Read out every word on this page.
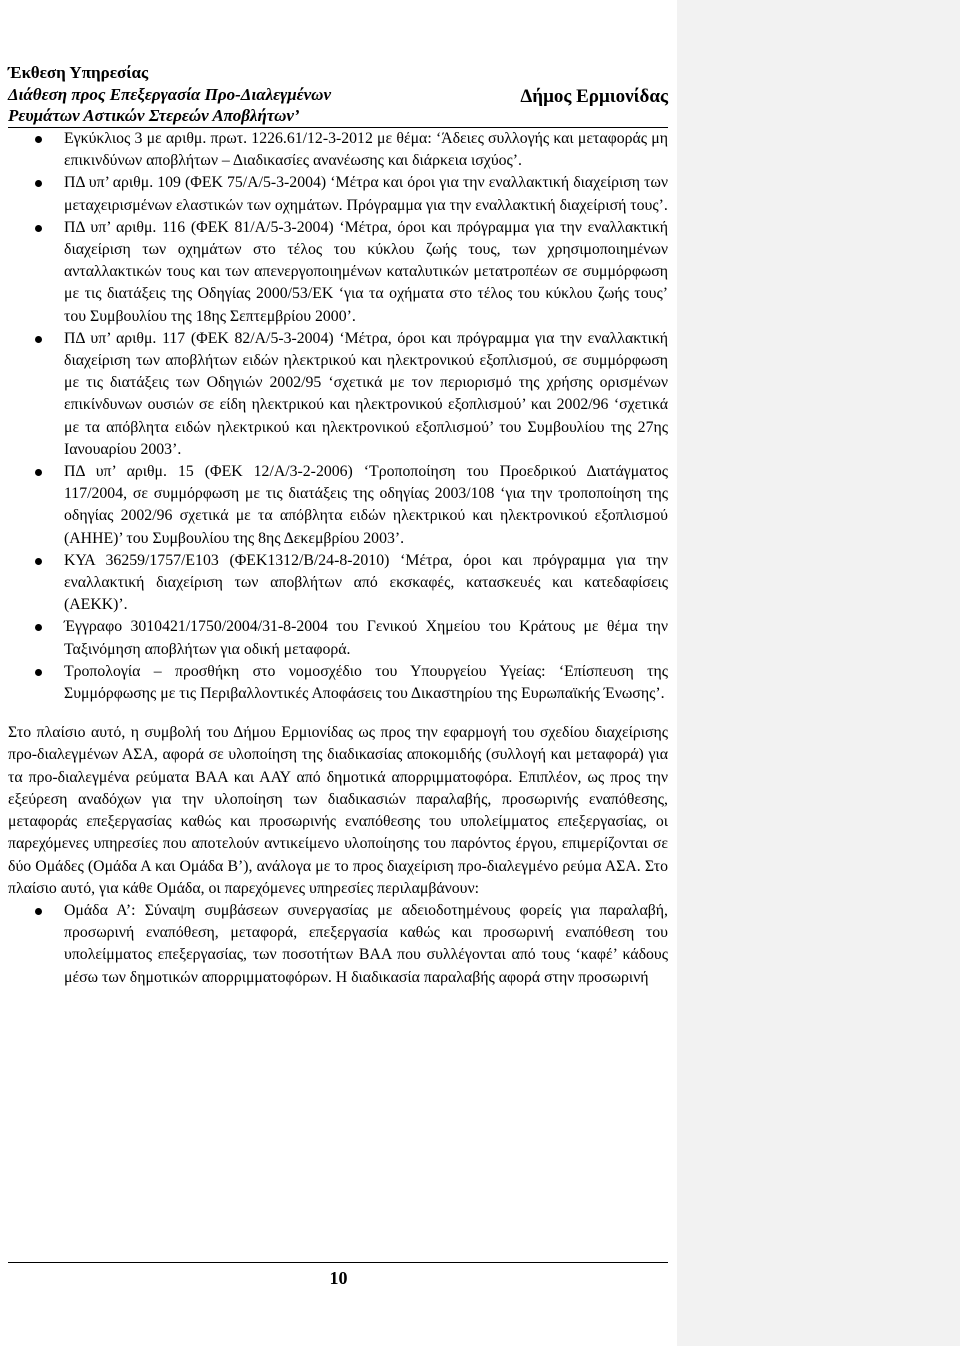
Έκθεση Υπηρεσίας
Διάθεση προς Επεξεργασία Προ-Διαλεγμένων
Ρευμάτων Αστικών Στερεών Αποβλήτων’
Δήμος Ερμιονίδας
Εγκύκλιος 3 με αριθμ. πρωτ. 1226.61/12-3-2012 με θέμα: ‘Άδειες συλλογής και μεταφοράς μη επικινδύνων αποβλήτων – Διαδικασίες ανανέωσης και διάρκεια ισχύος’.
ΠΔ υπ’ αριθμ. 109 (ΦΕΚ 75/Α/5-3-2004) ‘Μέτρα και όροι για την εναλλακτική διαχείριση των μεταχειρισμένων ελαστικών των οχημάτων. Πρόγραμμα για την εναλλακτική διαχείρισή τους’.
ΠΔ υπ’ αριθμ. 116 (ΦΕΚ 81/Α/5-3-2004) ‘Μέτρα, όροι και πρόγραμμα για την εναλλακτική διαχείριση των οχημάτων στο τέλος του κύκλου ζωής τους, των χρησιμοποιημένων ανταλλακτικών τους και των απενεργοποιημένων καταλυτικών μετατροπέων σε συμμόρφωση με τις διατάξεις της Οδηγίας 2000/53/ΕΚ ‘για τα οχήματα στο τέλος του κύκλου ζωής τους’ του Συμβουλίου της 18ης Σεπτεμβρίου 2000’.
ΠΔ υπ’ αριθμ. 117 (ΦΕΚ 82/Α/5-3-2004) ‘Μέτρα, όροι και πρόγραμμα για την εναλλακτική διαχείριση των αποβλήτων ειδών ηλεκτρικού και ηλεκτρονικού εξοπλισμού, σε συμμόρφωση με τις διατάξεις των Οδηγιών 2002/95 ‘σχετικά με τον περιορισμό της χρήσης ορισμένων επικίνδυνων ουσιών σε είδη ηλεκτρικού και ηλεκτρονικού εξοπλισμού’ και 2002/96 ‘σχετικά με τα απόβλητα ειδών ηλεκτρικού και ηλεκτρονικού εξοπλισμού’ του Συμβουλίου της 27ης Ιανουαρίου 2003’.
ΠΔ υπ’ αριθμ. 15 (ΦΕΚ 12/Α/3-2-2006) ‘Τροποποίηση του Προεδρικού Διατάγματος 117/2004, σε συμμόρφωση με τις διατάξεις της οδηγίας 2003/108 ‘για την τροποποίηση της οδηγίας 2002/96 σχετικά με τα απόβλητα ειδών ηλεκτρικού και ηλεκτρονικού εξοπλισμού (ΑΗΗΕ)’ του Συμβουλίου της 8ης Δεκεμβρίου 2003’.
ΚΥΑ 36259/1757/Ε103 (ΦΕΚ1312/Β/24-8-2010) ‘Μέτρα, όροι και πρόγραμμα για την εναλλακτική διαχείριση των αποβλήτων από εκσκαφές, κατασκευές και κατεδαφίσεις (ΑΕΚΚ)’.
Έγγραφο 3010421/1750/2004/31-8-2004 του Γενικού Χημείου του Κράτους με θέμα την Ταξινόμηση αποβλήτων για οδική μεταφορά.
Τροπολογία – προσθήκη στο νομοσχέδιο του Υπουργείου Υγείας: ‘Επίσπευση της Συμμόρφωσης με τις Περιβαλλοντικές Αποφάσεις του Δικαστηρίου της Ευρωπαϊκής Ένωσης’.

Στο πλαίσιο αυτό, η συμβολή του Δήμου Ερμιονίδας ως προς την εφαρμογή του σχεδίου διαχείρισης προ-διαλεγμένων ΑΣΑ, αφορά σε υλοποίηση της διαδικασίας αποκομιδής (συλλογή και μεταφορά) για τα προ-διαλεγμένα ρεύματα ΒΑΑ και ΑΑΥ από δημοτικά απορριμματοφόρα. Επιπλέον, ως προς την εξεύρεση αναδόχων για την υλοποίηση των διαδικασιών παραλαβής, προσωρινής εναπόθεσης, μεταφοράς επεξεργασίας καθώς και προσωρινής εναπόθεσης του υπολείμματος επεξεργασίας, οι παρεχόμενες υπηρεσίες που αποτελούν αντικείμενο υλοποίησης του παρόντος έργου, επιμερίζονται σε δύο Ομάδες (Ομάδα Α και Ομάδα Β’), ανάλογα με το προς διαχείριση προ-διαλεγμένο ρεύμα ΑΣΑ. Στο πλαίσιο αυτό, για κάθε Ομάδα, οι παρεχόμενες υπηρεσίες περιλαμβάνουν:

Ομάδα Α’: Σύναψη συμβάσεων συνεργασίας με αδειοδοτημένους φορείς για παραλαβή, προσωρινή εναπόθεση, μεταφορά, επεξεργασία καθώς και προσωρινή εναπόθεση του υπολείμματος επεξεργασίας, των ποσοτήτων ΒΑΑ που συλλέγονται από τους ‘καφέ’ κάδους μέσω των δημοτικών απορριμματοφόρων. Η διαδικασία παραλαβής αφορά στην προσωρινή
10
